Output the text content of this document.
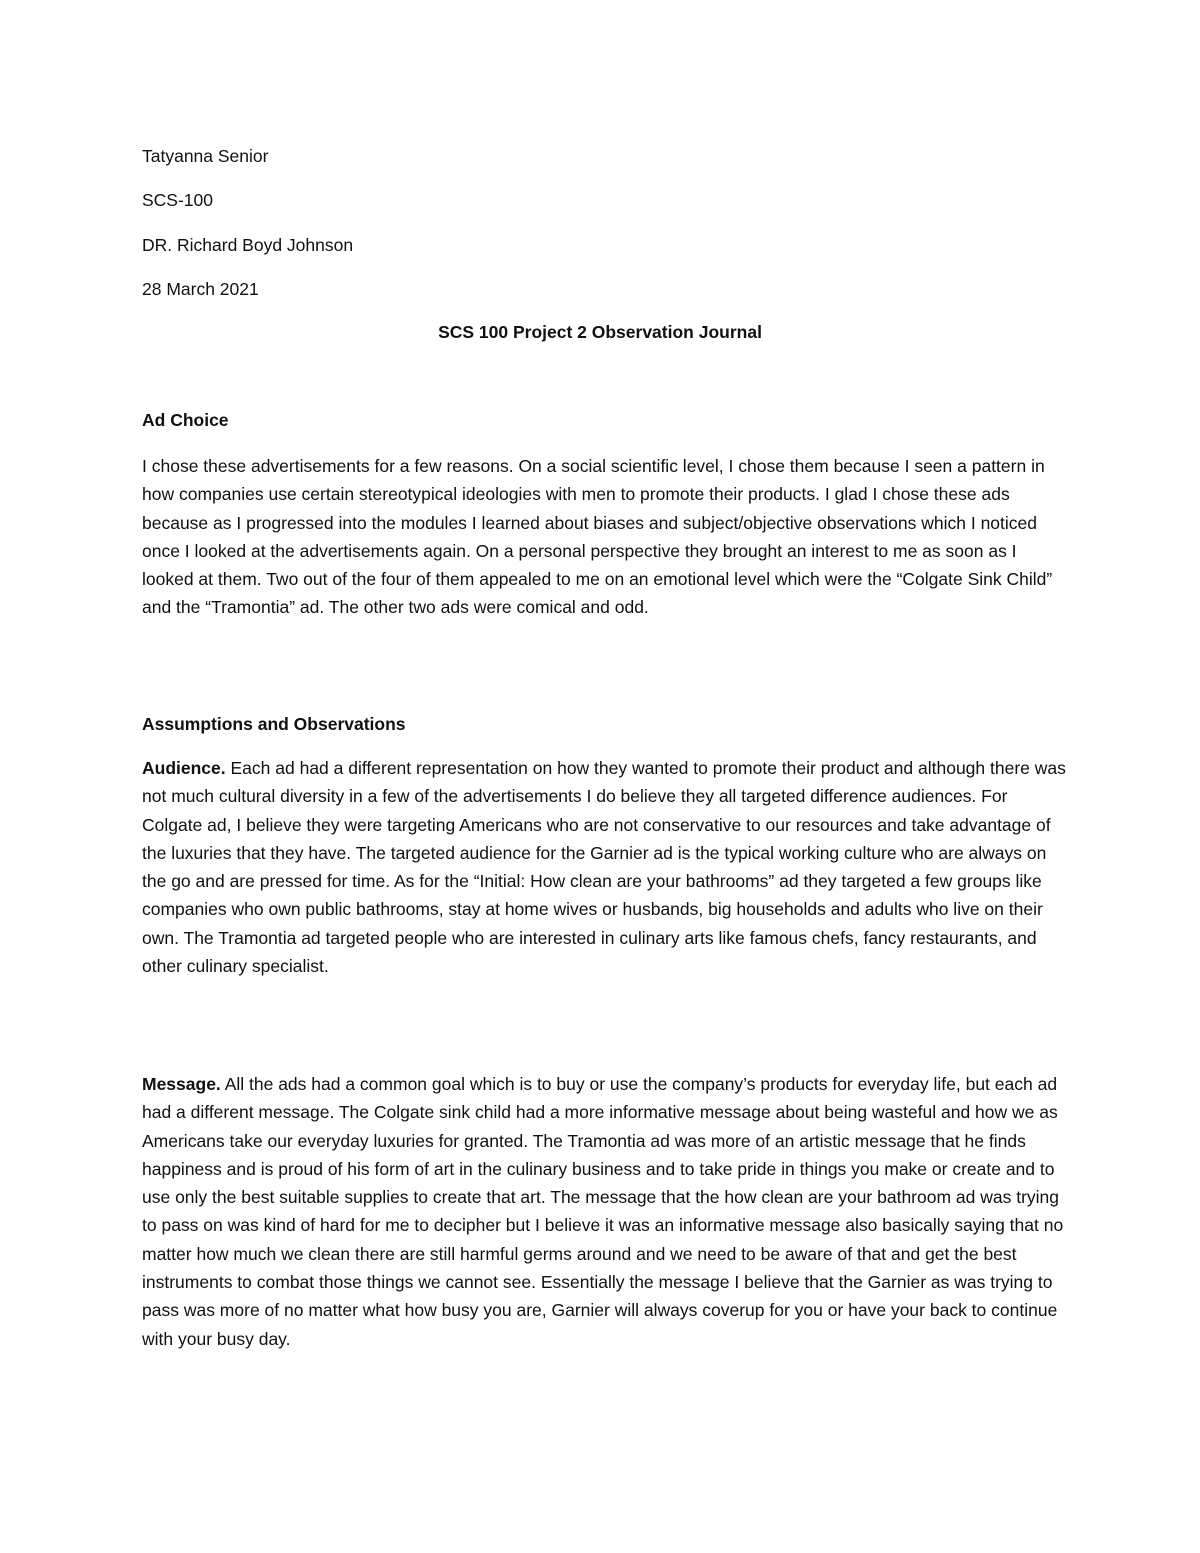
Tatyanna Senior

SCS-100

DR. Richard Boyd Johnson

28 March 2021

SCS 100 Project 2 Observation Journal

Ad Choice

I chose these advertisements for a few reasons. On a social scientific level, I chose them because I seen a pattern in how companies use certain stereotypical ideologies with men to promote their products. I glad I chose these ads because as I progressed into the modules I learned about biases and subject/objective observations which I noticed once I looked at the advertisements again. On a personal perspective they brought an interest to me as soon as I looked at them. Two out of the four of them appealed to me on an emotional level which were the “Colgate Sink Child” and the “Tramontia” ad. The other two ads were comical and odd.

Assumptions and Observations

Audience. Each ad had a different representation on how they wanted to promote their product and although there was not much cultural diversity in a few of the advertisements I do believe they all targeted difference audiences. For Colgate ad, I believe they were targeting Americans who are not conservative to our resources and take advantage of the luxuries that they have. The targeted audience for the Garnier ad is the typical working culture who are always on the go and are pressed for time. As for the “Initial: How clean are your bathrooms” ad they targeted a few groups like companies who own public bathrooms, stay at home wives or husbands, big households and adults who live on their own. The Tramontia ad targeted people who are interested in culinary arts like famous chefs, fancy restaurants, and other culinary specialist.

Message. All the ads had a common goal which is to buy or use the company’s products for everyday life, but each ad had a different message. The Colgate sink child had a more informative message about being wasteful and how we as Americans take our everyday luxuries for granted. The Tramontia ad was more of an artistic message that he finds happiness and is proud of his form of art in the culinary business and to take pride in things you make or create and to use only the best suitable supplies to create that art. The message that the how clean are your bathroom ad was trying to pass on was kind of hard for me to decipher but I believe it was an informative message also basically saying that no matter how much we clean there are still harmful germs around and we need to be aware of that and get the best instruments to combat those things we cannot see. Essentially the message I believe that the Garnier as was trying to pass was more of no matter what how busy you are, Garnier will always coverup for you or have your back to continue with your busy day.
